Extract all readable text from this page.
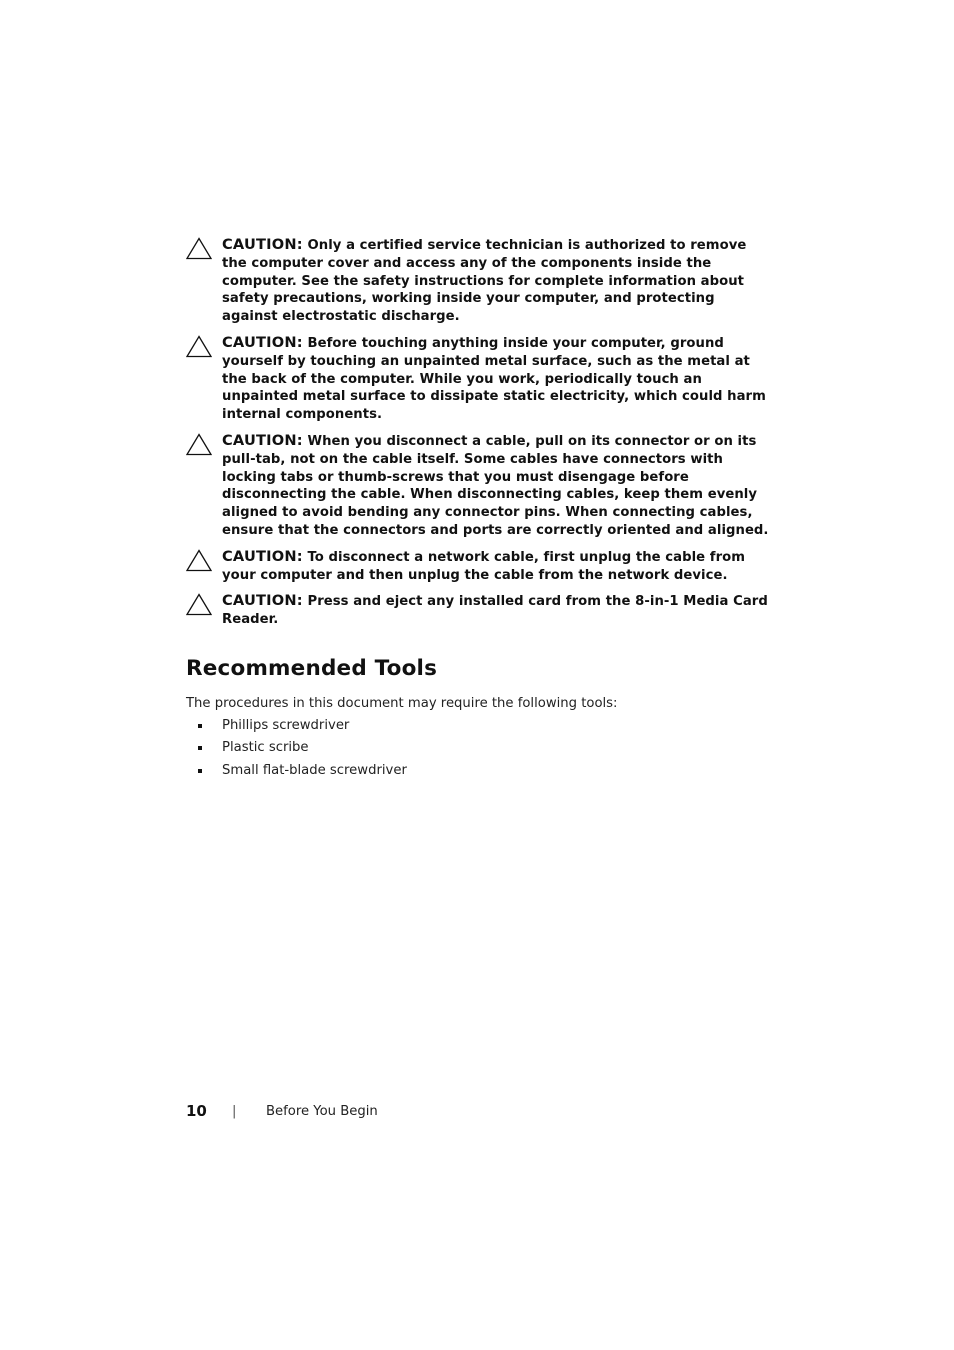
CAUTION: Only a certified service technician is authorized to remove the computer cover and access any of the components inside the computer. See the safety instructions for complete information about safety precautions, working inside your computer, and protecting against electrostatic discharge.
CAUTION: Before touching anything inside your computer, ground yourself by touching an unpainted metal surface, such as the metal at the back of the computer. While you work, periodically touch an unpainted metal surface to dissipate static electricity, which could harm internal components.
CAUTION: When you disconnect a cable, pull on its connector or on its pull-tab, not on the cable itself. Some cables have connectors with locking tabs or thumb-screws that you must disengage before disconnecting the cable. When disconnecting cables, keep them evenly aligned to avoid bending any connector pins. When connecting cables, ensure that the connectors and ports are correctly oriented and aligned.
CAUTION: To disconnect a network cable, first unplug the cable from your computer and then unplug the cable from the network device.
CAUTION: Press and eject any installed card from the 8-in-1 Media Card Reader.
Recommended Tools

The procedures in this document may require the following tools:

Phillips screwdriver
Plastic scribe
Small flat-blade screwdriver
10	|	Before You Begin
